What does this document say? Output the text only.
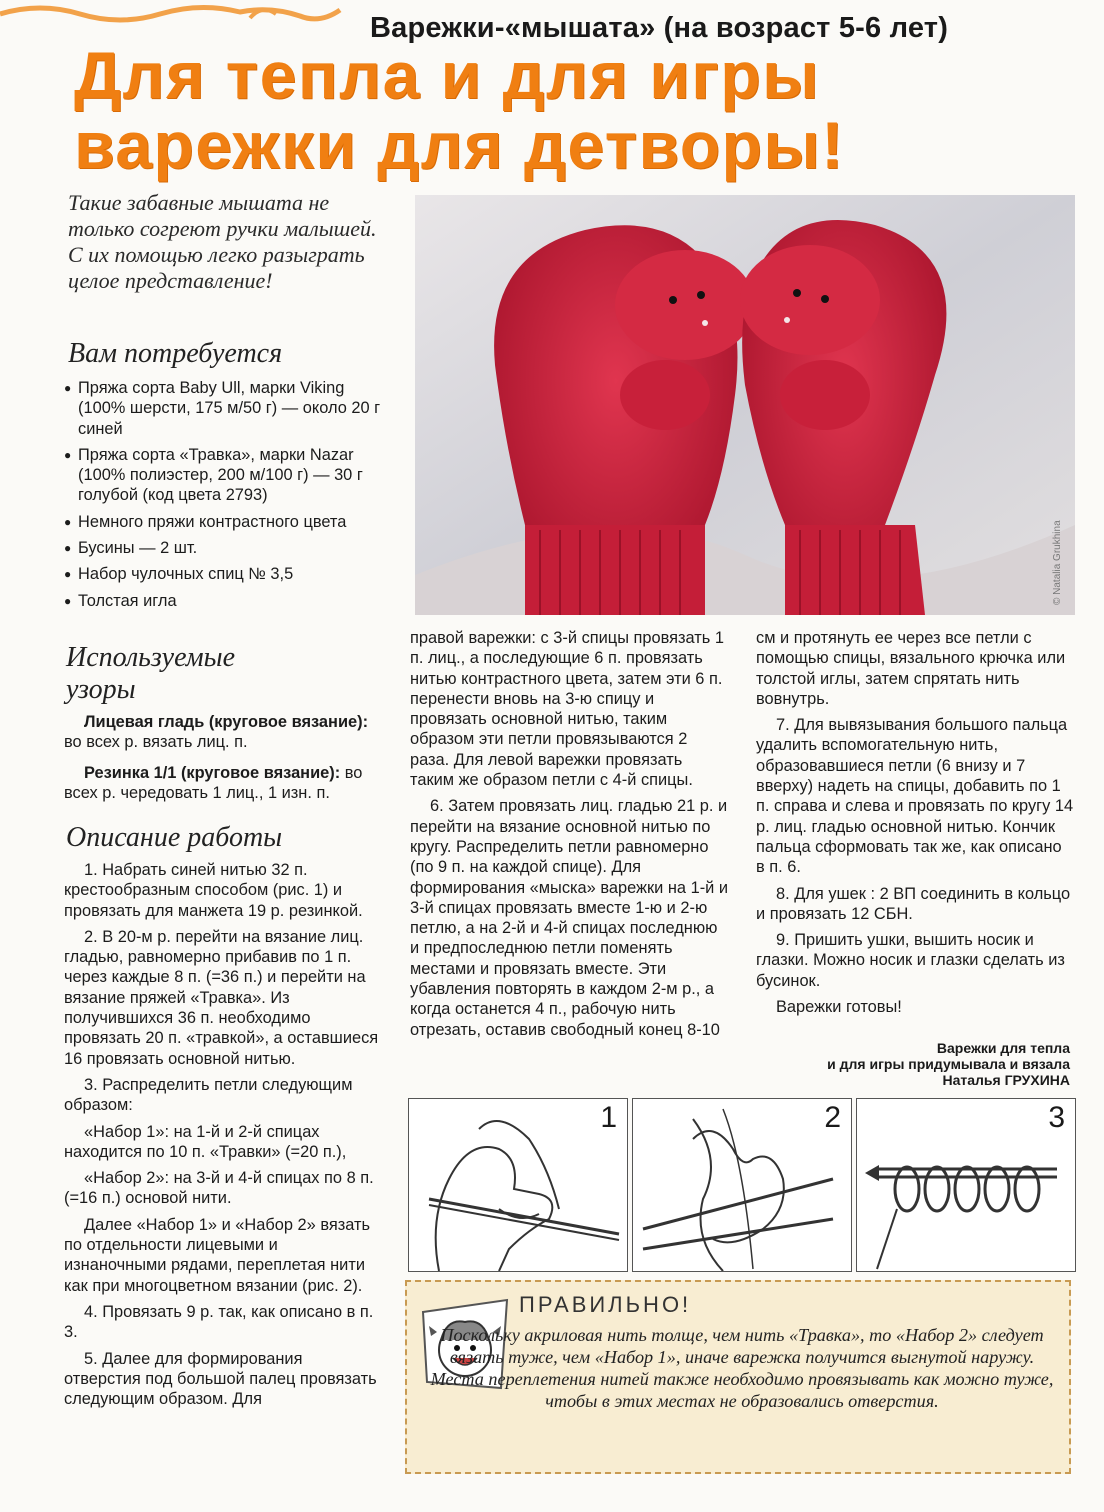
Варежки-«мышата» (на возраст 5-6 лет)
Для тепла и для игры
варежки для детворы!
Такие забавные мышата не только согреют ручки малышей. С их помощью легко разыграть целое представление!
Вам потребуется
● Пряжа сорта Baby Ull, марки Viking (100% шерсти, 175 м/50 г) — около 20 г синей
● Пряжа сорта «Травка», марки Nazar (100% полиэстер, 200 м/100 г) — 30 г голубой (код цвета 2793)
● Немного пряжи контрастного цвета
● Бусины — 2 шт.
● Набор чулочных спиц № 3,5
● Толстая игла
Используемые
узоры

Лицевая гладь (круговое вязание): во всех р. вязать лиц. п.

Резинка 1/1 (круговое вязание): во всех р. чередовать 1 лиц., 1 изн. п.

Описание работы

1. Набрать синей нитью 32 п. крестообразным способом (рис. 1) и провязать для манжета 19 р. резинкой.

2. В 20-м р. перейти на вязание лиц. гладью, равномерно прибавив по 1 п. через каждые 8 п. (=36 п.) и перейти на вязание пряжей «Травка». Из получившихся 36 п. необходимо провязать 20 п. «травкой», а оставшиеся 16 провязать основной нитью.

3. Распределить петли следующим образом:

«Набор 1»: на 1-й и 2-й спицах находится по 10 п. «Травки» (=20 п.),

«Набор 2»: на 3-й и 4-й спицах по 8 п. (=16 п.) основой нити.

Далее «Набор 1» и «Набор 2» вязать по отдельности лицевыми и изнаночными рядами, переплетая нити как при многоцветном вязании (рис. 2).

4. Провязать 9 р. так, как описано в п. 3.

5. Далее для формирования отверстия под большой палец провязать следующим образом. Для

© Natalia Grukhina

правой варежки: с 3-й спицы провязать 1 п. лиц., а последующие 6 п. провязать нитью контрастного цвета, затем эти 6 п. перенести вновь на 3-ю спицу и провязать основной нитью, таким образом эти петли провязываются 2 раза. Для левой варежки провязать таким же образом петли с 4-й спицы.

6. Затем провязать лиц. гладью 21 р. и перейти на вязание основной нитью по кругу. Распределить петли равномерно (по 9 п. на каждой спице). Для формирования «мыска» варежки на 1-й и 3-й спицах провязать вместе 1-ю и 2-ю петлю, а на 2-й и 4-й спицах последнюю и предпоследнюю петли поменять местами и провязать вместе. Эти убавления повторять в каждом 2-м р., а когда останется 4 п., рабочую нить отрезать, оставив свободный конец 8-10

см и протянуть ее через все петли с помощью спицы, вязального крючка или толстой иглы, затем спрятать нить вовнутрь.

7. Для вывязывания большого пальца удалить вспомогательную нить, образовавшиеся петли (6 внизу и 7 вверху) надеть на спицы, добавить по 1 п. справа и слева и провязать по кругу 14 р. лиц. гладью основной нитью. Кончик пальца сформовать так же, как описано в п. 6.

8. Для ушек : 2 ВП соединить в кольцо и провязать 12 СБН.

9. Пришить ушки, вышить носик и глазки. Можно носик и глазки сделать из бусинок.

Варежки готовы!

Варежки для тепла
и для игры придумывала и вязала
Наталья ГРУХИНА
1	2	3
ПРАВИЛЬНО!
Поскольку акриловая нить толще, чем нить «Травка», то «Набор 2» следует вязать туже, чем «Набор 1», иначе варежка получится выгнутой наружу. Места переплетения нитей также необходимо провязывать как можно туже, чтобы в этих местах не образовались отверстия.
